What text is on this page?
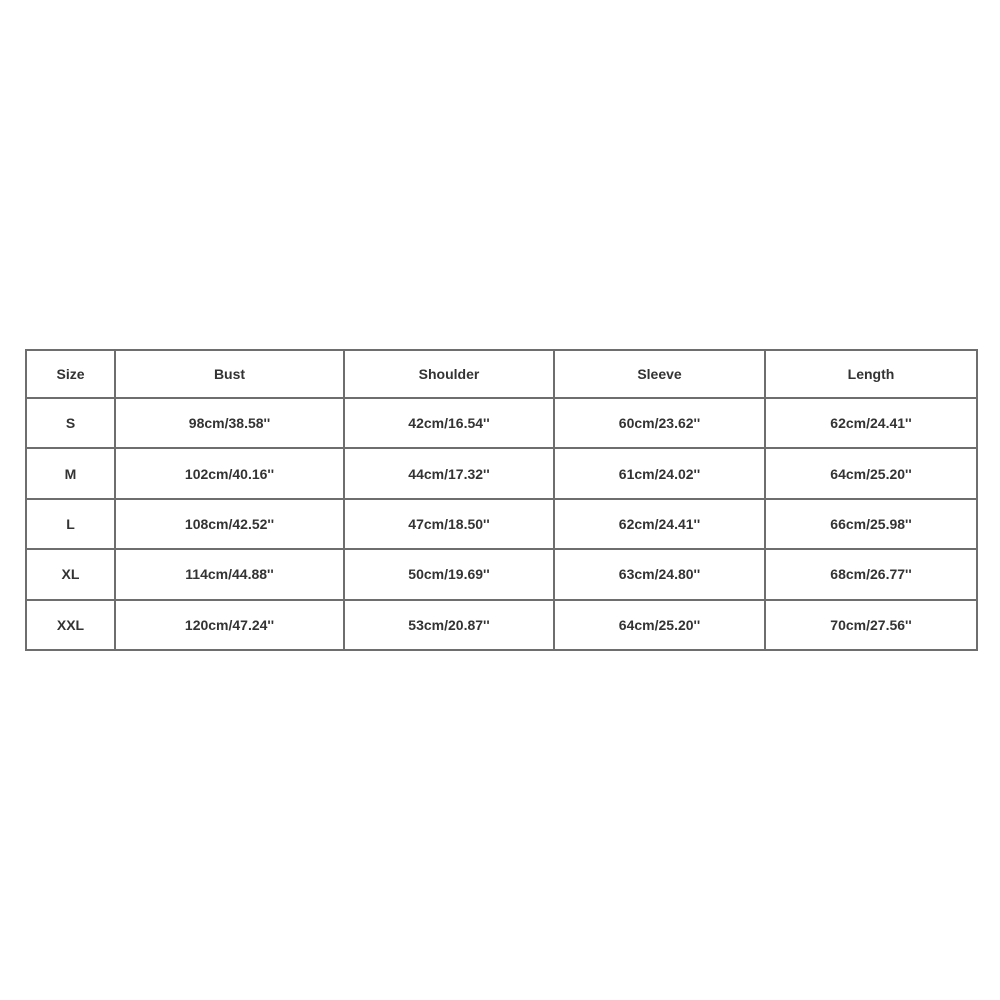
Size	Bust	Shoulder	Sleeve	Length
S	98cm/38.58''	42cm/16.54''	60cm/23.62''	62cm/24.41''
M	102cm/40.16''	44cm/17.32''	61cm/24.02''	64cm/25.20''
L	108cm/42.52''	47cm/18.50''	62cm/24.41''	66cm/25.98''
XL	114cm/44.88''	50cm/19.69''	63cm/24.80''	68cm/26.77''
XXL	120cm/47.24''	53cm/20.87''	64cm/25.20''	70cm/27.56''
